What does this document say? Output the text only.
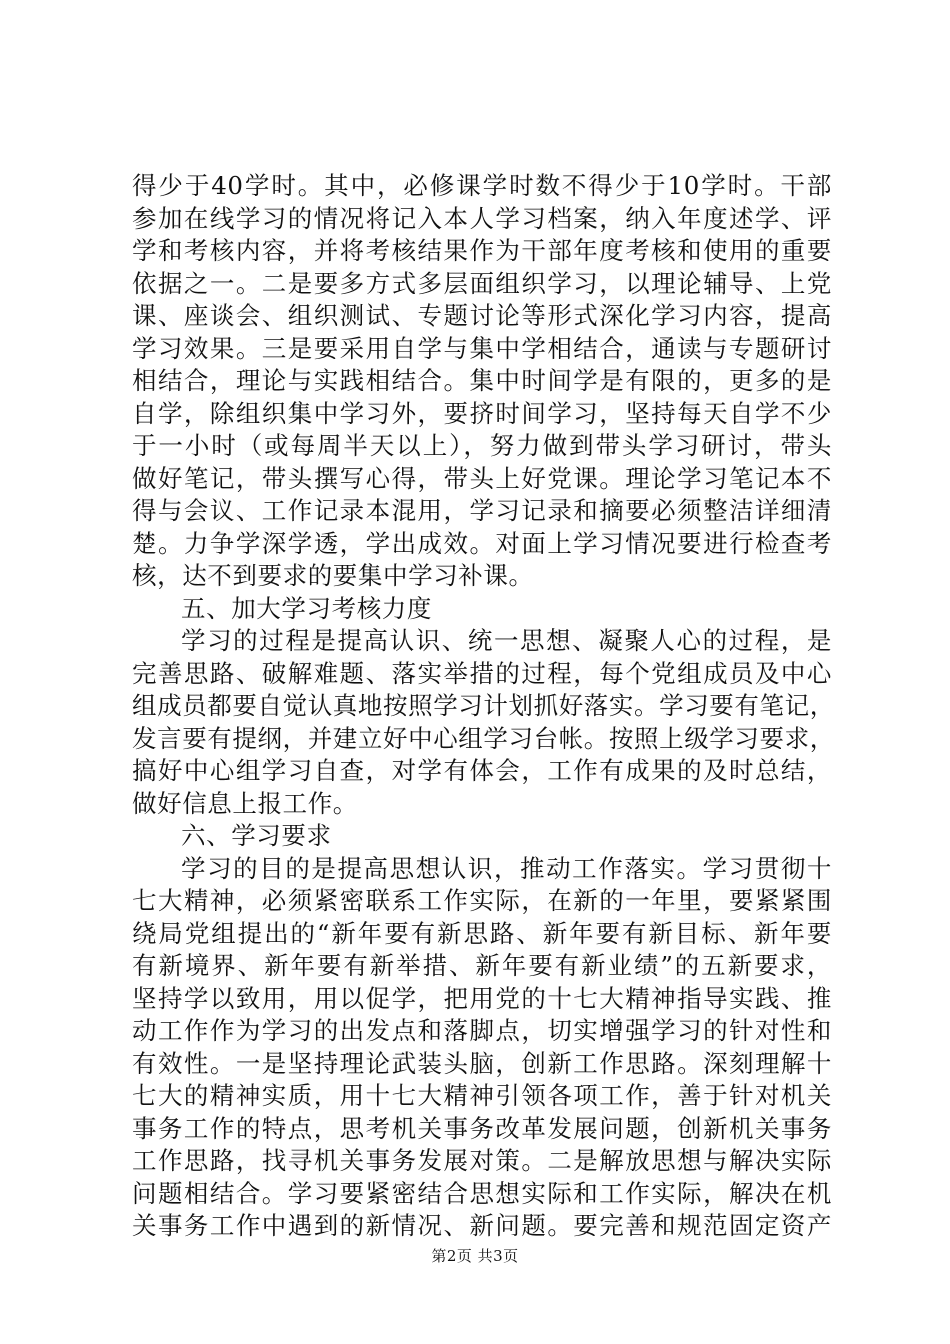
得少于40学时。其中，必修课学时数不得少于10学时。干部
参加在线学习的情况将记入本人学习档案，纳入年度述学、评
学和考核内容，并将考核结果作为干部年度考核和使用的重要
依据之一。二是要多方式多层面组织学习，以理论辅导、上党
课、座谈会、组织测试、专题讨论等形式深化学习内容，提高
学习效果。三是要采用自学与集中学相结合，通读与专题研讨
相结合，理论与实践相结合。集中时间学是有限的，更多的是
自学，除组织集中学习外，要挤时间学习，坚持每天自学不少
于一小时（或每周半天以上），努力做到带头学习研讨，带头
做好笔记，带头撰写心得，带头上好党课。理论学习笔记本不
得与会议、工作记录本混用，学习记录和摘要必须整洁详细清
楚。力争学深学透，学出成效。对面上学习情况要进行检查考
核，达不到要求的要集中学习补课。
五、加大学习考核力度
学习的过程是提高认识、统一思想、凝聚人心的过程，是
完善思路、破解难题、落实举措的过程，每个党组成员及中心
组成员都要自觉认真地按照学习计划抓好落实。学习要有笔记，
发言要有提纲，并建立好中心组学习台帐。按照上级学习要求，
搞好中心组学习自查，对学有体会，工作有成果的及时总结，
做好信息上报工作。
六、学习要求
学习的目的是提高思想认识，推动工作落实。学习贯彻十
七大精神，必须紧密联系工作实际，在新的一年里，要紧紧围
绕局党组提出的“新年要有新思路、新年要有新目标、新年要
有新境界、新年要有新举措、新年要有新业绩”的五新要求，
坚持学以致用，用以促学，把用党的十七大精神指导实践、推
动工作作为学习的出发点和落脚点，切实增强学习的针对性和
有效性。一是坚持理论武装头脑，创新工作思路。深刻理解十
七大的精神实质，用十七大精神引领各项工作，善于针对机关
事务工作的特点，思考机关事务改革发展问题，创新机关事务
工作思路，找寻机关事务发展对策。二是解放思想与解决实际
问题相结合。学习要紧密结合思想实际和工作实际，解决在机
关事务工作中遇到的新情况、新问题。要完善和规范固定资产
第2页 共3页
